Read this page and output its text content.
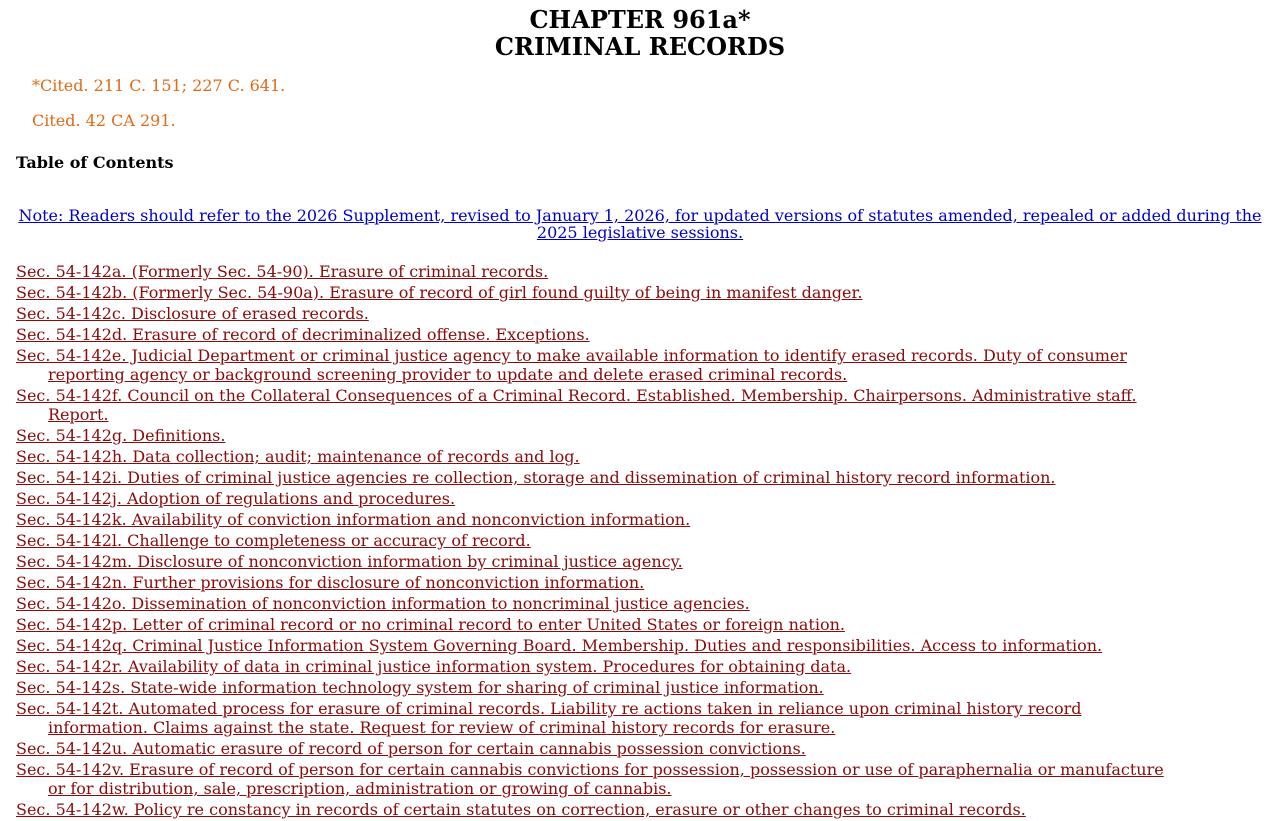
CHAPTER 961a*
CRIMINAL RECORDS
*Cited. 211 C. 151; 227 C. 641.
Cited. 42 CA 291.
Table of Contents
Note: Readers should refer to the 2026 Supplement, revised to January 1, 2026, for updated versions of statutes amended, repealed or added during the 2025 legislative sessions.
Sec. 54-142a. (Formerly Sec. 54-90). Erasure of criminal records.
Sec. 54-142b. (Formerly Sec. 54-90a). Erasure of record of girl found guilty of being in manifest danger.
Sec. 54-142c. Disclosure of erased records.
Sec. 54-142d. Erasure of record of decriminalized offense. Exceptions.
Sec. 54-142e. Judicial Department or criminal justice agency to make available information to identify erased records. Duty of consumer reporting agency or background screening provider to update and delete erased criminal records.
Sec. 54-142f. Council on the Collateral Consequences of a Criminal Record. Established. Membership. Chairpersons. Administrative staff. Report.
Sec. 54-142g. Definitions.
Sec. 54-142h. Data collection; audit; maintenance of records and log.
Sec. 54-142i. Duties of criminal justice agencies re collection, storage and dissemination of criminal history record information.
Sec. 54-142j. Adoption of regulations and procedures.
Sec. 54-142k. Availability of conviction information and nonconviction information.
Sec. 54-142l. Challenge to completeness or accuracy of record.
Sec. 54-142m. Disclosure of nonconviction information by criminal justice agency.
Sec. 54-142n. Further provisions for disclosure of nonconviction information.
Sec. 54-142o. Dissemination of nonconviction information to noncriminal justice agencies.
Sec. 54-142p. Letter of criminal record or no criminal record to enter United States or foreign nation.
Sec. 54-142q. Criminal Justice Information System Governing Board. Membership. Duties and responsibilities. Access to information.
Sec. 54-142r. Availability of data in criminal justice information system. Procedures for obtaining data.
Sec. 54-142s. State-wide information technology system for sharing of criminal justice information.
Sec. 54-142t. Automated process for erasure of criminal records. Liability re actions taken in reliance upon criminal history record information. Claims against the state. Request for review of criminal history records for erasure.
Sec. 54-142u. Automatic erasure of record of person for certain cannabis possession convictions.
Sec. 54-142v. Erasure of record of person for certain cannabis convictions for possession, possession or use of paraphernalia or manufacture or for distribution, sale, prescription, administration or growing of cannabis.
Sec. 54-142w. Policy re constancy in records of certain statutes on correction, erasure or other changes to criminal records.
